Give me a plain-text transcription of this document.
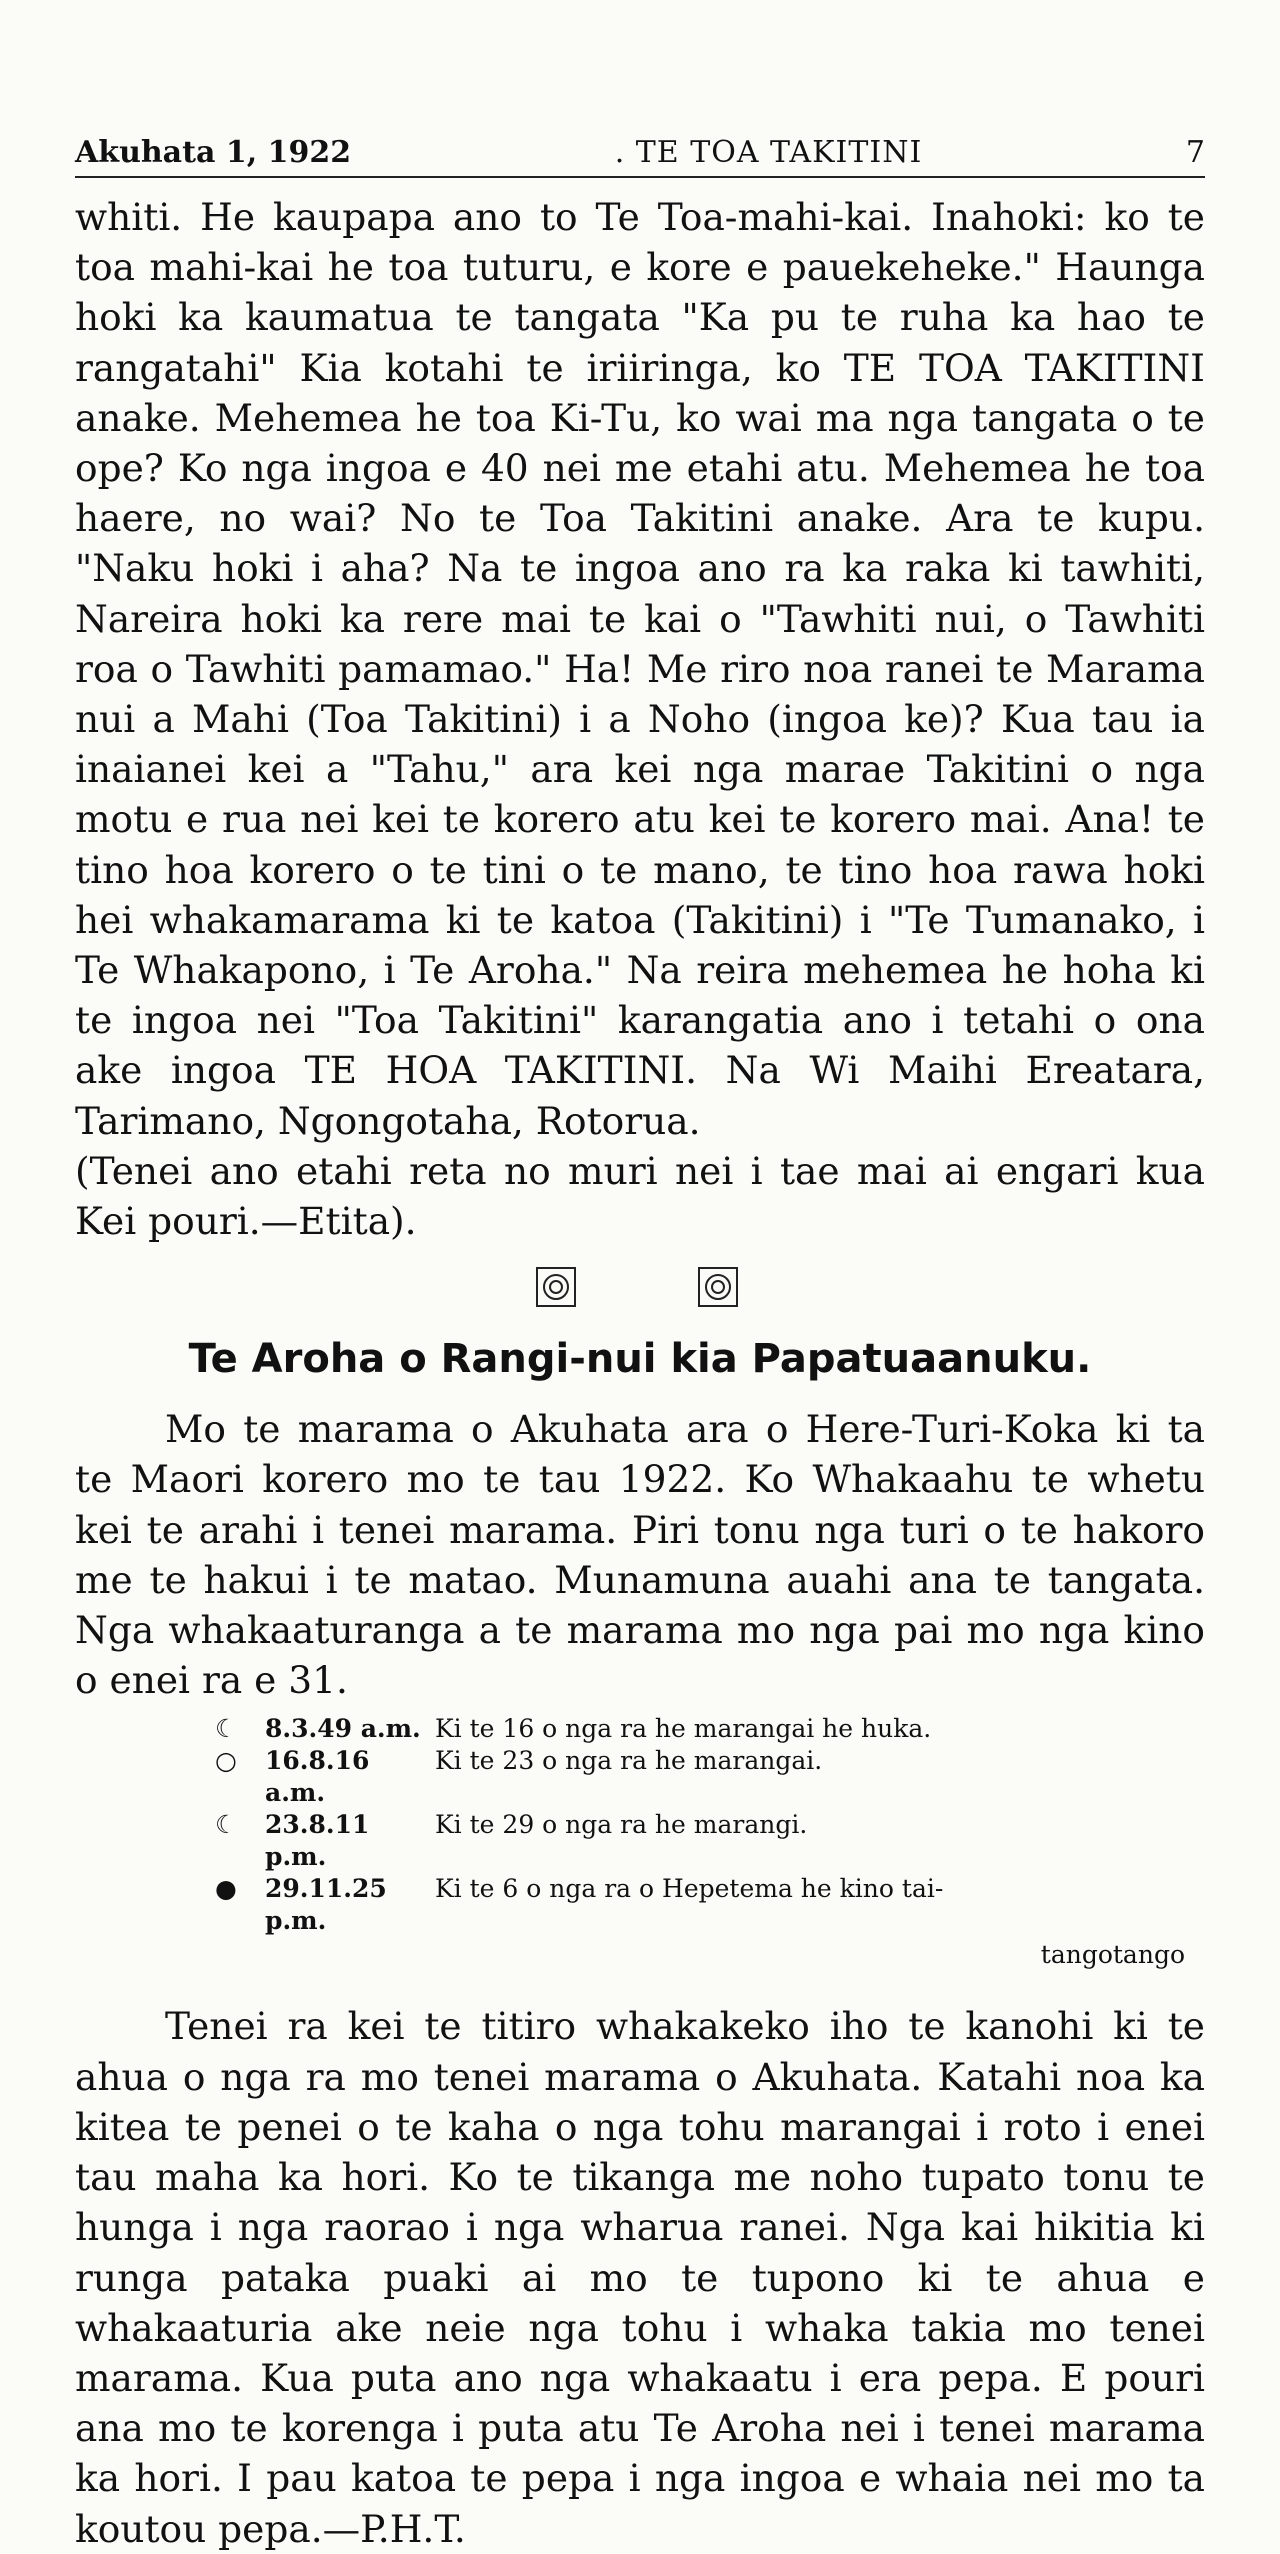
Akuhata 1, 1922	. TE TOA TAKITINI	7

whiti. He kaupapa ano to Te Toa-mahi-kai. Inahoki: ko te toa mahi-kai he toa tuturu, e kore e pauekeheke." Haunga hoki ka kaumatua te tangata "Ka pu te ruha ka hao te rangatahi" Kia kotahi te iriiringa, ko TE TOA TAKITINI anake. Mehemea he toa Ki-Tu, ko wai ma nga tangata o te ope? Ko nga ingoa e 40 nei me etahi atu. Mehemea he toa haere, no wai? No te Toa Takitini anake. Ara te kupu. "Naku hoki i aha? Na te ingoa ano ra ka raka ki tawhiti, Nareira hoki ka rere mai te kai o "Tawhiti nui, o Tawhiti roa o Tawhiti pamamao." Ha! Me riro noa ranei te Marama nui a Mahi (Toa Takitini) i a Noho (ingoa ke)? Kua tau ia inaianei kei a "Tahu," ara kei nga marae Takitini o nga motu e rua nei kei te korero atu kei te korero mai. Ana! te tino hoa korero o te tini o te mano, te tino hoa rawa hoki hei whakamarama ki te katoa (Takitini) i "Te Tumanako, i Te Whakapono, i Te Aroha." Na reira mehemea he hoha ki te ingoa nei "Toa Takitini" karangatia ano i tetahi o ona ake ingoa TE HOA TAKITINI. Na Wi Maihi Ereatara, Tarimano, Ngongotaha, Rotorua.

(Tenei ano etahi reta no muri nei i tae mai ai engari kua Kei pouri.—Etita).

Te Aroha o Rangi-nui kia Papatuaanuku.

Mo te marama o Akuhata ara o Here-Turi-Koka ki ta te Maori korero mo te tau 1922. Ko Whakaahu te whetu kei te arahi i tenei marama. Piri tonu nga turi o te hakoro me te hakui i te matao. Munamuna auahi ana te tangata. Nga whakaaturanga a te marama mo nga pai mo nga kino o enei ra e 31.

☾	8.3.49 a.m. Ki te 16 o nga ra he marangai he huka.
○	16.8.16 a.m.
Ki te 23 o nga ra he marangai.
☾	23.8.11 p.m.
Ki te 29 o nga ra he marangi.
●	29.11.25 p.m.
Ki te 6 o nga ra o Hepetema he kino tai-
tangotango

Tenei ra kei te titiro whakakeko iho te kanohi ki te ahua o nga ra mo tenei marama o Akuhata. Katahi noa ka kitea te penei o te kaha o nga tohu marangai i roto i enei tau maha ka hori. Ko te tikanga me noho tupato tonu te hunga i nga raorao i nga wharua ranei. Nga kai hikitia ki runga pataka puaki ai mo te tupono ki te ahua e whakaaturia ake neie nga tohu i whaka takia mo tenei marama. Kua puta ano nga whakaatu i era pepa. E pouri ana mo te korenga i puta atu Te Aroha nei i tenei marama ka hori. I pau katoa te pepa i nga ingoa e whaia nei mo ta koutou pepa.—P.H.T.
